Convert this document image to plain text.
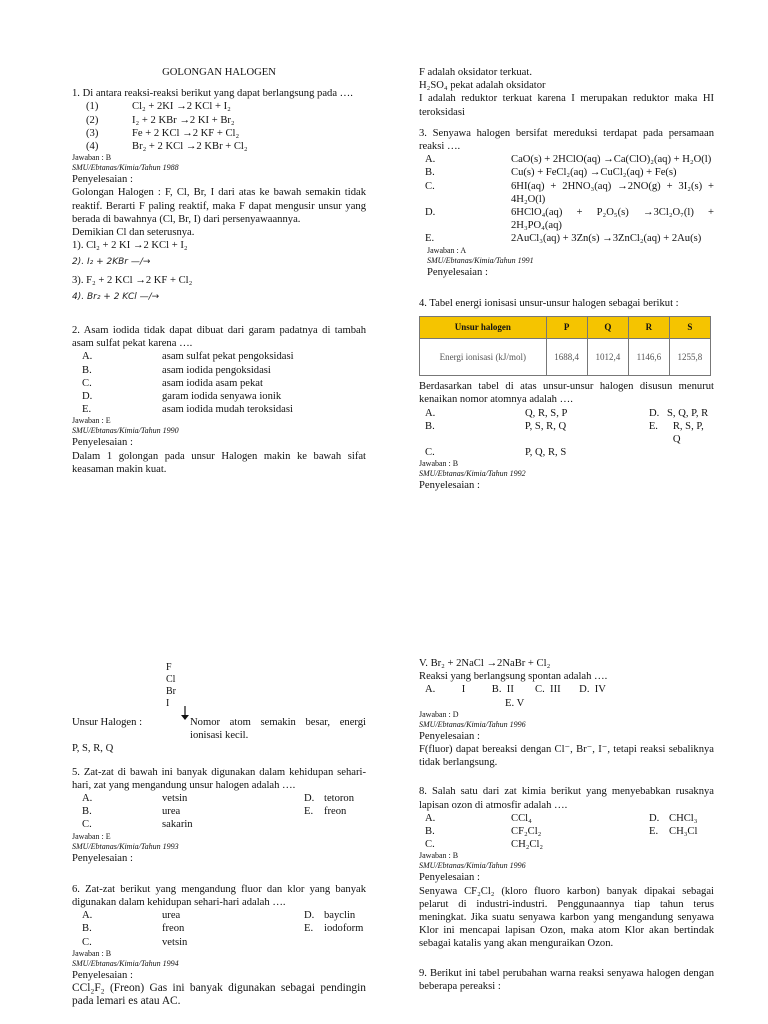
GOLONGAN HALOGEN

1. Di antara reaksi-reaksi berikut yang dapat berlangsung pada ….

(1)	Cl₂ + 2KI →2 KCl + I₂
(2)	I₂ + 2 KBr →2 KI + Br₂
(3)	Fe + 2 KCl →2 KF + Cl₂
(4)	Br₂ + 2 KCl →2 KBr + Cl₂

Jawaban : B

SMU/Ebtanas/Kimia/Tahun 1988

Penyelesaian :

Golongan Halogen : F, Cl, Br, I dari atas ke bawah semakin tidak reaktif. Berarti F paling reaktif, maka F dapat mengusir unsur yang berada di bawahnya (Cl, Br, I) dari persenyawaannya.

Demikian Cl dan seterusnya.

1). Cl₂ + 2 KI →2 KCl + I₂

2). I₂ + 2KBr —/→

3). F₂ + 2 KCl →2 KF + Cl₂

4). Br₂ + 2 KCl —/→

2. Asam iodida tidak dapat dibuat dari garam padatnya di tambah asam sulfat pekat karena ….

A.	asam sulfat pekat pengoksidasi
B.	asam iodida pengoksidasi
C.	asam iodida asam pekat
D.	garam iodida senyawa ionik
E.	asam iodida mudah teroksidasi

Jawaban : E

SMU/Ebtanas/Kimia/Tahun 1990

Penyelesaian :

Dalam 1 golongan pada unsur Halogen makin ke bawah sifat keasaman makin kuat.

F adalah oksidator terkuat.

H₂SO₄ pekat adalah oksidator

I adalah reduktor terkuat karena I merupakan reduktor maka HI teroksidasi

3. Senyawa halogen bersifat mereduksi terdapat pada persamaan reaksi ….

A.	CaO(s) + 2HClO(aq) →Ca(ClO)₂(aq) + H₂O(l)
B.	Cu(s) + FeCl₂(aq) →CuCl₂(aq) + Fe(s)
C.	6HI(aq) + 2HNO₃(aq) →2NO(g) + 3I₂(s) + 4H₂O(l)
D.	6HClO₄(aq) + P₂O₅(s) →3Cl₂O₇(l) + 2H₃PO₄(aq)
E.	2AuCl₃(aq) + 3Zn(s) →3ZnCl₂(aq) + 2Au(s)

Jawaban : A

SMU/Ebtanas/Kimia/Tahun 1991

Penyelesaian :

4. Tabel energi ionisasi unsur-unsur halogen sebagai berikut :

Unsur halogen	P	Q	R	S
Energi ionisasi (kJ/mol)	1688,4	1012,4	1146,6	1255,8

Berdasarkan tabel di atas unsur-unsur halogen disusun menurut kenaikan nomor atomnya adalah ….

A.	Q, R, S, P	D. S, Q, P, R
B.	P, S, R, Q	E.	R, S, P, Q
C.	P, Q, R, S

Jawaban : B

SMU/Ebtanas/Kimia/Tahun 1992

Penyelesaian :

F
Cl
Br
I
Unsur Halogen :	Nomor atom semakin besar, energi ionisasi kecil.

P, S, R, Q

5. Zat-zat di bawah ini banyak digunakan dalam kehidupan sehari-hari, zat yang mengandung unsur halogen adalah ….

A.	vetsin	D. tetoron
B.	urea	E.	freon
C.	sakarin

Jawaban : E

SMU/Ebtanas/Kimia/Tahun 1993

Penyelesaian :

6. Zat-zat berikut yang mengandung fluor dan klor yang banyak digunakan dalam kehidupan sehari-hari adalah ….

A.	urea	D. bayclin
B.	freon	E.	iodoform
C.	vetsin

Jawaban : B

SMU/Ebtanas/Kimia/Tahun 1994

Penyelesaian :

CCl₂F₂ (Freon) Gas ini banyak digunakan sebagai pendingin pada lemari es atau AC.

V. Br₂ + 2NaCl →2NaBr + Cl₂

Reaksi yang berlangsung spontan adalah ….

A.          I          B.  II        C.  III       D.  IV

E. V

Jawaban : D

SMU/Ebtanas/Kimia/Tahun 1996

Penyelesaian :

F(fluor) dapat bereaksi dengan Cl⁻, Br⁻, I⁻, tetapi reaksi sebaliknya tidak berlangsung.

8. Salah satu dari zat kimia berikut yang menyebabkan rusaknya lapisan ozon di atmosfir adalah ….

A.	CCl₄	D. CHCl₃
B.	CF₂Cl₂	E.	CH₃Cl
C.	CH₂Cl₂

Jawaban : B

SMU/Ebtanas/Kimia/Tahun 1996

Penyelesaian :

Senyawa CF₂Cl₂ (kloro fluoro karbon) banyak dipakai sebagai pelarut di industri-industri. Penggunaannya tiap tahun terus meningkat. Jika suatu senyawa karbon yang mengandung senyawa Klor ini mencapai lapisan Ozon, maka atom Klor akan bertindak sebagai katalis yang akan menguraikan Ozon.

9. Berikut ini tabel perubahan warna reaksi senyawa halogen dengan beberapa pereaksi :
